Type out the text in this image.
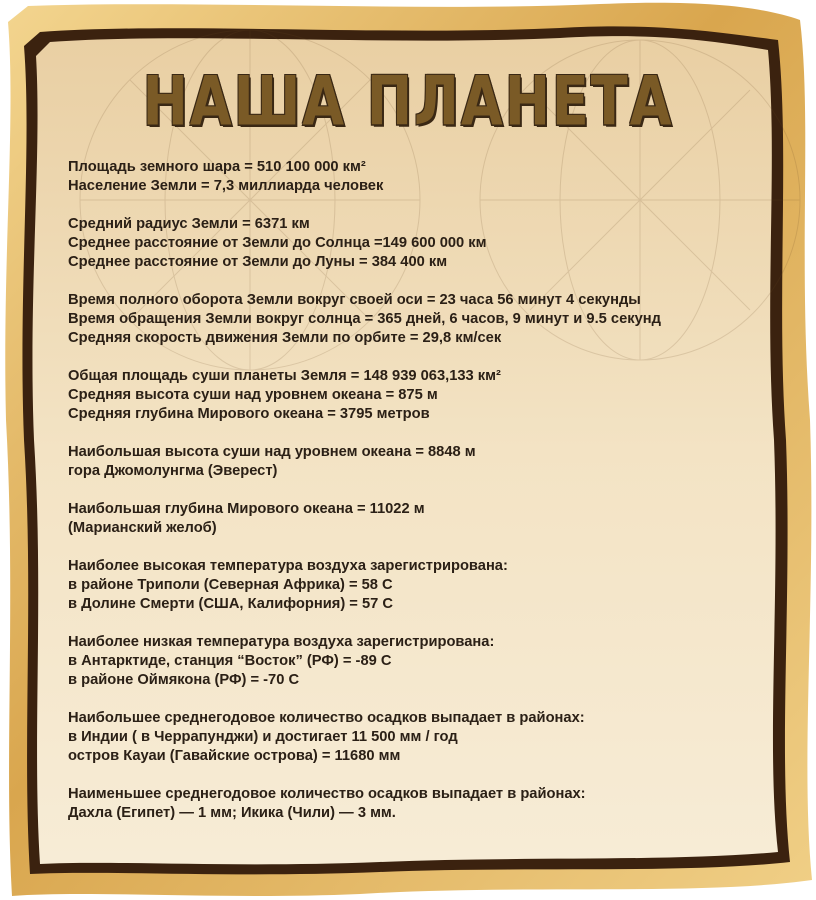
НАША ПЛАНЕТА
Площадь земного шара = 510 100 000 км²
Население Земли = 7,3 миллиарда человек
Средний радиус Земли = 6371 км
Среднее расстояние от Земли до Солнца =149 600 000 км
Среднее расстояние от Земли до Луны = 384 400 км
Время полного оборота Земли вокруг своей оси = 23 часа 56 минут 4 секунды
Время обращения Земли вокруг солнца = 365 дней, 6 часов, 9 минут и 9.5 секунд
Средняя скорость движения Земли по орбите = 29,8 км/сек
Общая площадь суши планеты Земля = 148 939 063,133 км²
Средняя высота суши над уровнем океана = 875 м
Средняя глубина Мирового океана = 3795 метров
Наибольшая высота суши над уровнем океана = 8848 м
гора Джомолунгма (Эверест)
Наибольшая глубина Мирового океана = 11022 м
(Марианский желоб)
Наиболее высокая температура воздуха зарегистрирована:
в районе Триполи (Северная Африка) = 58 С
в Долине Смерти (США, Калифорния) = 57 С
Наиболее низкая температура воздуха зарегистрирована:
в Антарктиде, станция “Восток” (РФ) = -89 С
в районе Оймякона (РФ) = -70 С
Наибольшее среднегодовое количество осадков выпадает в районах:
в Индии ( в Черрапунджи) и достигает 11 500 мм / год
остров Кауаи (Гавайские острова) = 11680 мм
Наименьшее среднегодовое количество осадков выпадает в районах:
Дахла (Египет) — 1 мм; Икика (Чили) — 3 мм.
